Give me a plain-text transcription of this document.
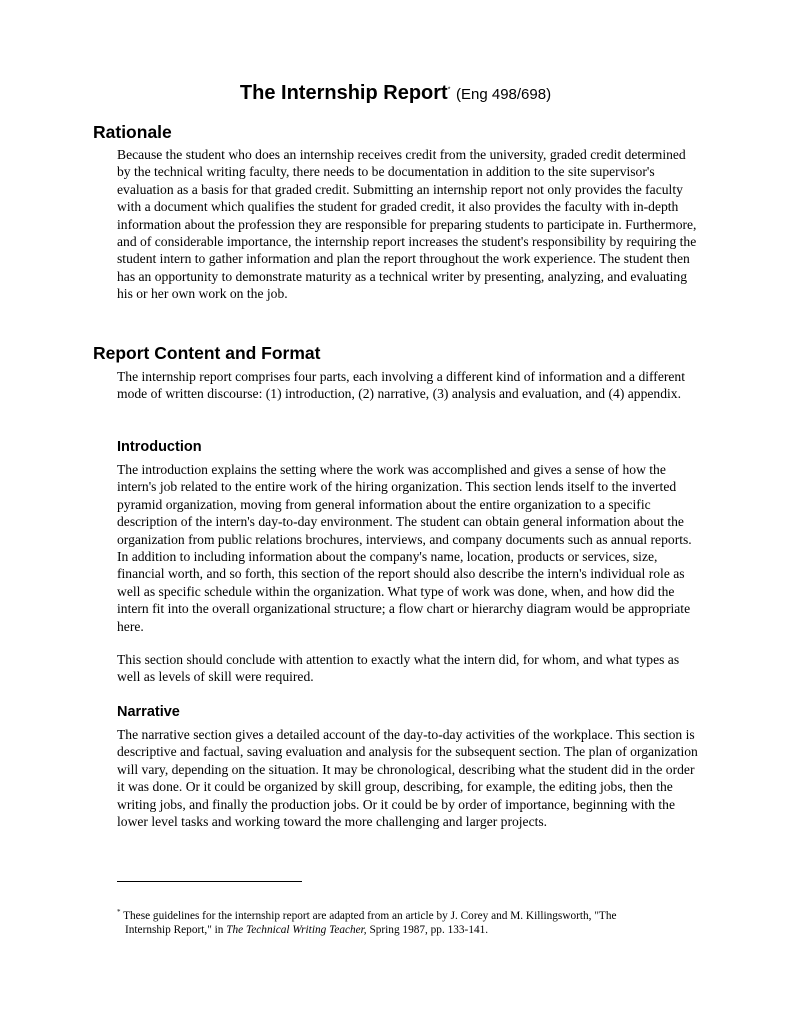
The Internship Report* (Eng 498/698)
Rationale

Because the student who does an internship receives credit from the university, graded credit determined by the technical writing faculty, there needs to be documentation in addition to the site supervisor's evaluation as a basis for that graded credit. Submitting an internship report not only provides the faculty with a document which qualifies the student for graded credit, it also provides the faculty with in-depth information about the profession they are responsible for preparing students to participate in. Furthermore, and of considerable importance, the internship report increases the student's responsibility by requiring the student intern to gather information and plan the report throughout the work experience. The student then has an opportunity to demonstrate maturity as a technical writer by presenting, analyzing, and evaluating his or her own work on the job.

Report Content and Format

The internship report comprises four parts, each involving a different kind of information and a different mode of written discourse: (1) introduction, (2) narrative, (3) analysis and evaluation, and (4) appendix.

Introduction

The introduction explains the setting where the work was accomplished and gives a sense of how the intern's job related to the entire work of the hiring organization. This section lends itself to the inverted pyramid organization, moving from general information about the entire organization to a specific description of the intern's day-to-day environment. The student can obtain general information about the organization from public relations brochures, interviews, and company documents such as annual reports. In addition to including information about the company's name, location, products or services, size, financial worth, and so forth, this section of the report should also describe the intern's individual role as well as specific schedule within the organization. What type of work was done, when, and how did the intern fit into the overall organizational structure; a flow chart or hierarchy diagram would be appropriate here.

This section should conclude with attention to exactly what the intern did, for whom, and what types as well as levels of skill were required.

Narrative

The narrative section gives a detailed account of the day-to-day activities of the workplace. This section is descriptive and factual, saving evaluation and analysis for the subsequent section. The plan of organization will vary, depending on the situation. It may be chronological, describing what the student did in the order it was done. Or it could be organized by skill group, describing, for example, the editing jobs, then the writing jobs, and finally the production jobs. Or it could be by order of importance, beginning with the lower level tasks and working toward the more challenging and larger projects.

* These guidelines for the internship report are adapted from an article by J. Corey and M. Killingsworth, "The
Internship Report," in The Technical Writing Teacher, Spring 1987, pp. 133-141.
